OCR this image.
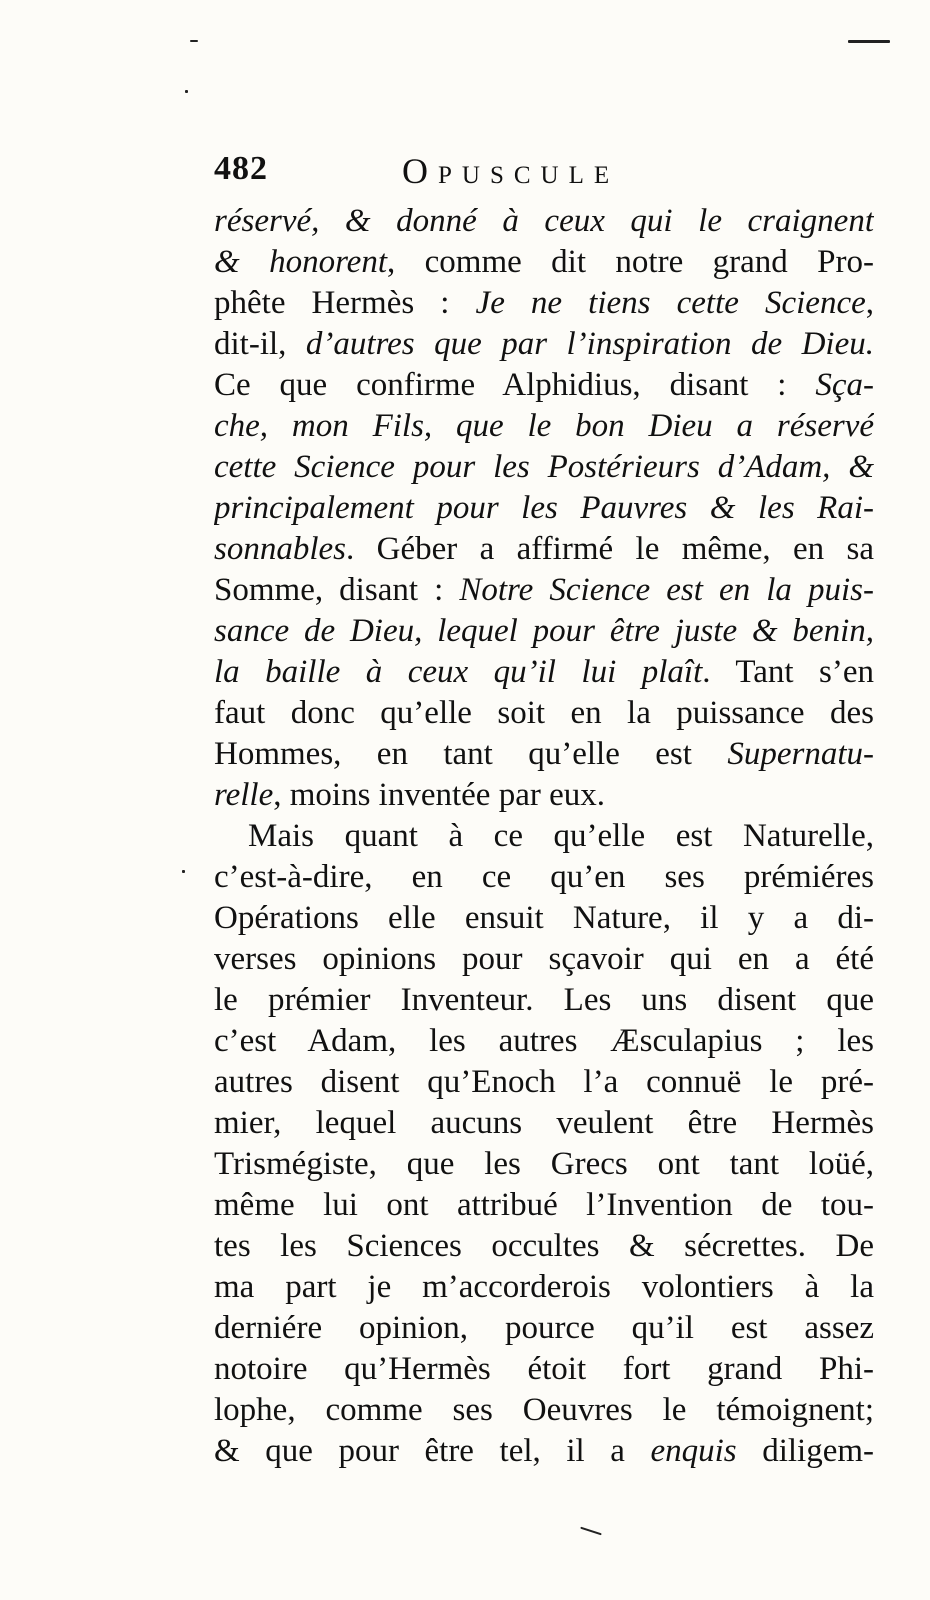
482	Opuscule
réservé, & donné à ceux qui le craignent
& honorent, comme dit notre grand Pro-
phête Hermès : Je ne tiens cette Science,
dit-il, d’autres que par l’inspiration de Dieu.
Ce que confirme Alphidius, disant : Sça-
che, mon Fils, que le bon Dieu a réservé
cette Science pour les Postérieurs d’Adam, &
principalement pour les Pauvres & les Rai-
sonnables. Géber a affirmé le même, en sa
Somme, disant : Notre Science est en la puis-
sance de Dieu, lequel pour être juste & benin,
la baille à ceux qu’il lui plaît. Tant s’en
faut donc qu’elle soit en la puissance des
Hommes, en tant qu’elle est Supernatu-
relle, moins inventée par eux.
Mais quant à ce qu’elle est Naturelle,
c’est-à-dire, en ce qu’en ses prémiéres
Opérations elle ensuit Nature, il y a di-
verses opinions pour sçavoir qui en a été
le prémier Inventeur. Les uns disent que
c’est Adam, les autres Æsculapius ; les
autres disent qu’Enoch l’a connuë le pré-
mier, lequel aucuns veulent être Hermès
Trismégiste, que les Grecs ont tant loüé,
même lui ont attribué l’Invention de tou-
tes les Sciences occultes & sécrettes. De
ma part je m’accorderois volontiers à la
derniére opinion, pource qu’il est assez
notoire qu’Hermès étoit fort grand Phi-
lophe, comme ses Oeuvres le témoignent;
& que pour être tel, il a enquis diligem-
